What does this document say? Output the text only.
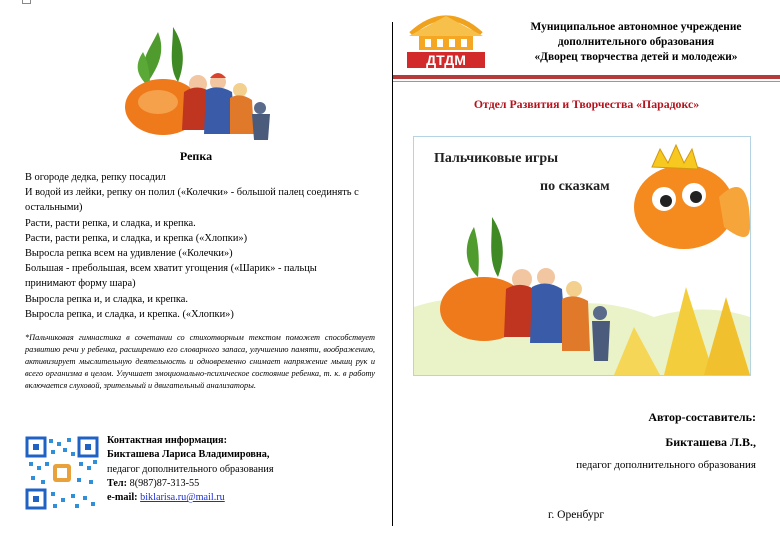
Репка
В огороде дедка, репку посадил
И водой из лейки, репку он полил («Колечки» - большой палец соединять с остальными)
Расти, расти репка, и сладка, и крепка.
Расти, расти репка, и сладка, и крепка («Хлопки»)
Выросла репка всем на удивление («Колечки»)
Большая - пребольшая, всем хватит угощения («Шарик» - пальцы принимают форму шара)
Выросла репка и, и сладка, и крепка.
Выросла репка, и сладка, и крепка. («Хлопки»)
*Пальчиковая гимнастика в сочетании со стихотворным текстом поможет способствует развитию речи у ребенка, расширению его словарного запаса, улучшению памяти, воображению, активизирует мыслительную деятельность и одновременно снимает напряжение мышц рук и всего организма в целом. Улучшает эмоционально-психическое состояние ребенка, т. к. в работу включается слуховой, зрительный и двигательный анализаторы.
Контактная информация:
Бикташева Лариса Владимировна,
педагог дополнительного образования
Тел: 8(987)87-313-55
e-mail: biklarisa.ru@mail.ru
ДТДМ
Муниципальное автономное учреждение
дополнительного образования
«Дворец творчества детей и молодежи»
Отдел Развития и Творчества «Парадокс»
Пальчиковые игры
по сказкам
Автор-составитель:
Бикташева Л.В.,
педагог дополнительного образования
г. Оренбург
